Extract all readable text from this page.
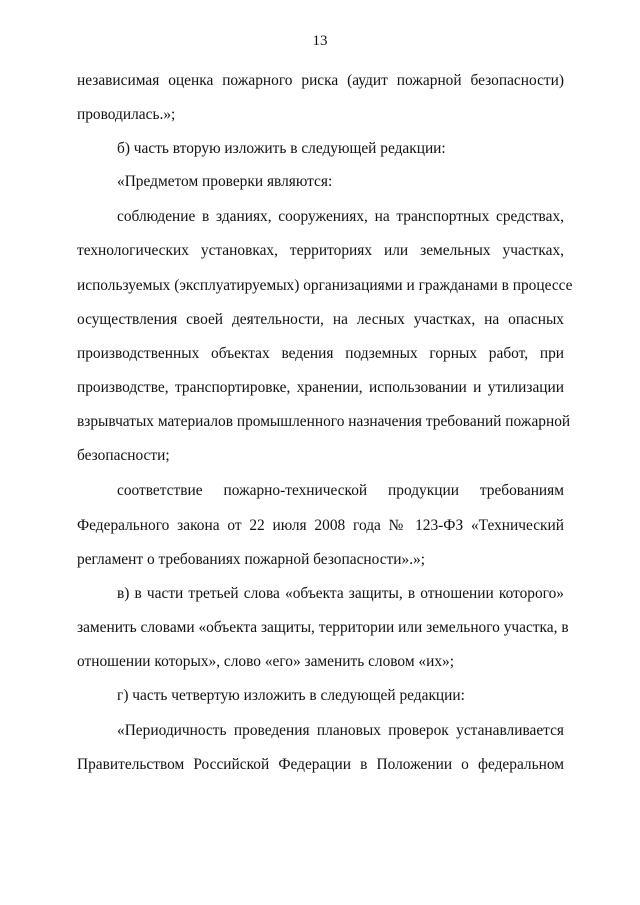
13
независимая оценка пожарного риска (аудит пожарной безопасности)
проводилась.»;
б) часть вторую изложить в следующей редакции:
«Предметом проверки являются:
соблюдение в зданиях, сооружениях, на транспортных средствах,
технологических установках, территориях или земельных участках,
используемых (эксплуатируемых) организациями и гражданами в процессе
осуществления своей деятельности, на лесных участках, на опасных
производственных объектах ведения подземных горных работ, при
производстве, транспортировке, хранении, использовании и утилизации
взрывчатых материалов промышленного назначения требований пожарной
безопасности;
соответствие пожарно-технической продукции требованиям
Федерального закона от 22 июля 2008 года № 123-ФЗ «Технический
регламент о требованиях пожарной безопасности».»;
в) в части третьей слова «объекта защиты, в отношении которого»
заменить словами «объекта защиты, территории или земельного участка, в
отношении которых», слово «его» заменить словом «их»;
г) часть четвертую изложить в следующей редакции:
«Периодичность проведения плановых проверок устанавливается
Правительством Российской Федерации в Положении о федеральном
